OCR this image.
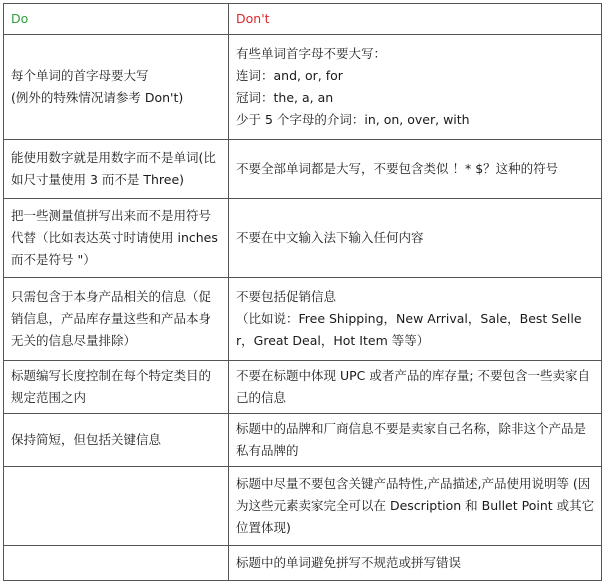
Do	Don't

每个单词的首字母要大写
(例外的特殊情况请参考 Don't)	有些单词首字母不要大写：
连词：and, or, for
冠词：the, a, an
少于 5 个字母的介词：in, on, over, with

能使用数字就是用数字而不是单词(比如尺寸量使用 3 而不是 Three)	不要全部单词都是大写，不要包含类似 ！* $？这种的符号

把一些测量值拼写出来而不是用符号代替（比如表达英寸时请使用 inches 而不是符号 "）	不要在中文输入法下输入任何内容

只需包含于本身产品相关的信息（促销信息，产品库存量这些和产品本身无关的信息尽量排除）	不要包括促销信息
（比如说：Free Shipping，New Arrival，Sale，Best Seller，Great Deal，Hot Item 等等）

标题编写长度控制在每个特定类目的规定范围之内	不要在标题中体现 UPC 或者产品的库存量; 不要包含一些卖家自己的信息

保持简短，但包括关键信息	标题中的品牌和厂商信息不要是卖家自己名称，除非这个产品是私有品牌的

	标题中尽量不要包含关键产品特性,产品描述,产品使用说明等 (因为这些元素卖家完全可以在 Description 和 Bullet Point 或其它位置体现)

	标题中的单词避免拼写不规范或拼写错误
